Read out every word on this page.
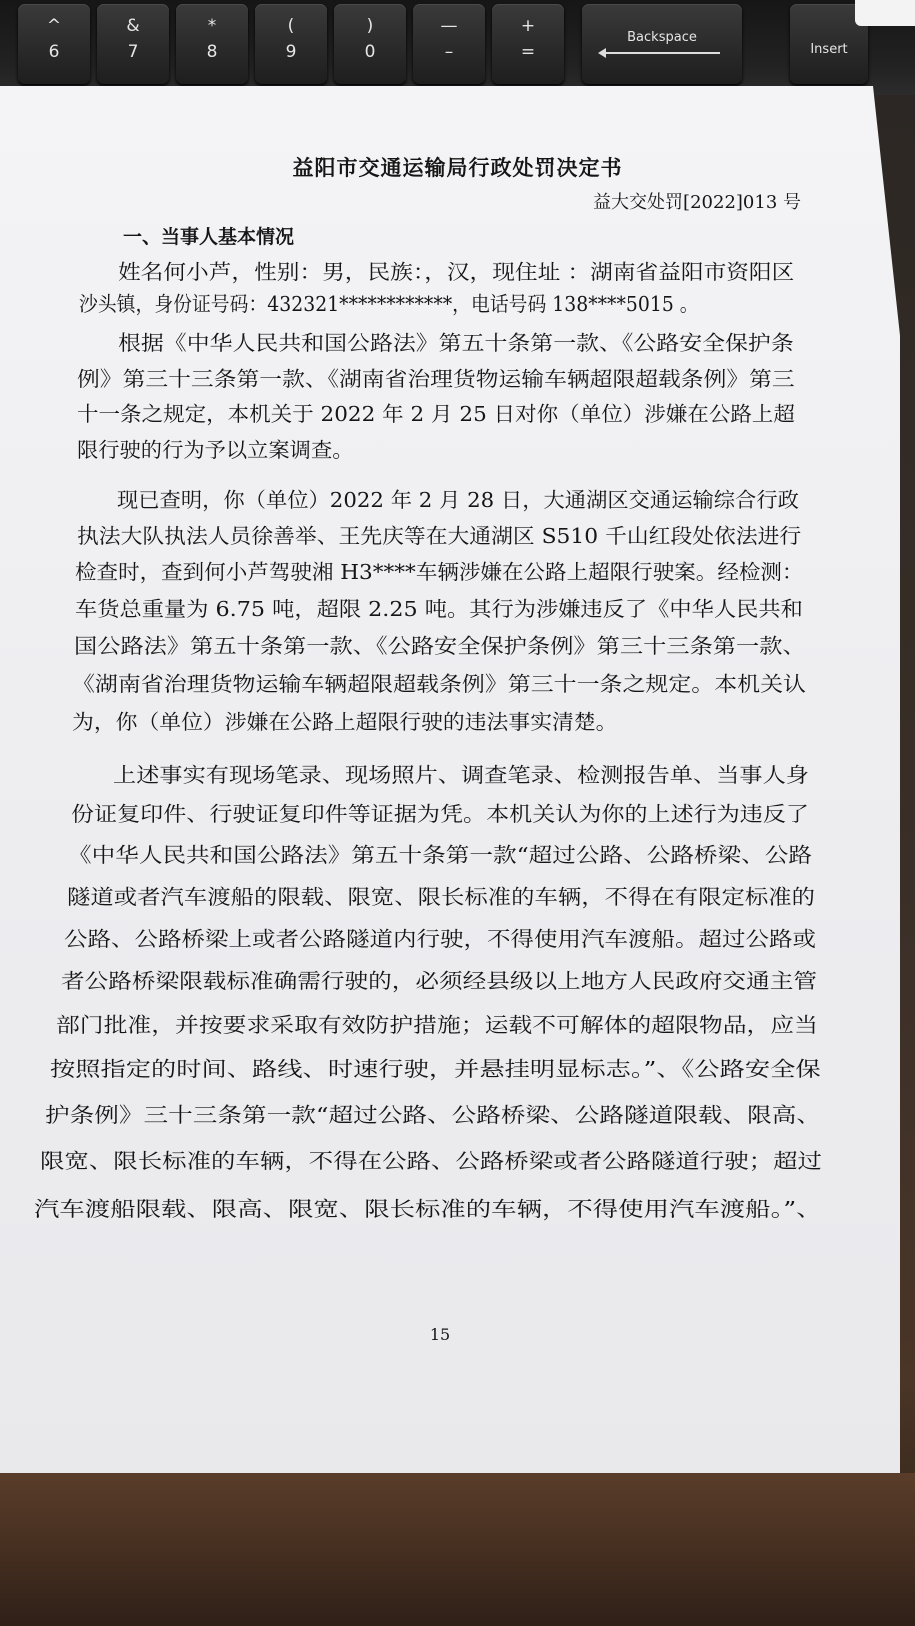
^
6
&
7
*
8
(
9
)
0
—
–
+
=
Backspace
Insert
益阳市交通运输局行政处罚决定书
益大交处罚[2022]013 号
一、当事人基本情况
姓名何小芦，性别：男，民族：，汉，现住址 ：湖南省益阳市资阳区
沙头镇，身份证号码：432321************，电话号码 138****5015 。
根据《中华人民共和国公路法》第五十条第一款、《公路安全保护条
例》第三十三条第一款、《湖南省治理货物运输车辆超限超载条例》第三
十一条之规定，本机关于 2022 年 2 月 25 日对你（单位）涉嫌在公路上超
限行驶的行为予以立案调查。
现已查明，你（单位）2022 年 2 月 28 日，大通湖区交通运输综合行政
执法大队执法人员徐善举、王先庆等在大通湖区 S510 千山红段处依法进行
检查时，查到何小芦驾驶湘 H3****车辆涉嫌在公路上超限行驶案。经检测：
车货总重量为 6.75 吨，超限 2.25 吨。其行为涉嫌违反了《中华人民共和
国公路法》第五十条第一款、《公路安全保护条例》第三十三条第一款、
《湖南省治理货物运输车辆超限超载条例》第三十一条之规定。本机关认
为，你（单位）涉嫌在公路上超限行驶的违法事实清楚。
上述事实有现场笔录、现场照片、调查笔录、检测报告单、当事人身
份证复印件、行驶证复印件等证据为凭。本机关认为你的上述行为违反了
《中华人民共和国公路法》第五十条第一款“超过公路、公路桥梁、公路
隧道或者汽车渡船的限载、限宽、限长标准的车辆，不得在有限定标准的
公路、公路桥梁上或者公路隧道内行驶，不得使用汽车渡船。超过公路或
者公路桥梁限载标准确需行驶的，必须经县级以上地方人民政府交通主管
部门批准，并按要求采取有效防护措施；运载不可解体的超限物品，应当
按照指定的时间、路线、时速行驶，并悬挂明显标志。”、《公路安全保
护条例》三十三条第一款“超过公路、公路桥梁、公路隧道限载、限高、
限宽、限长标准的车辆，不得在公路、公路桥梁或者公路隧道行驶；超过
汽车渡船限载、限高、限宽、限长标准的车辆，不得使用汽车渡船。”、
15
